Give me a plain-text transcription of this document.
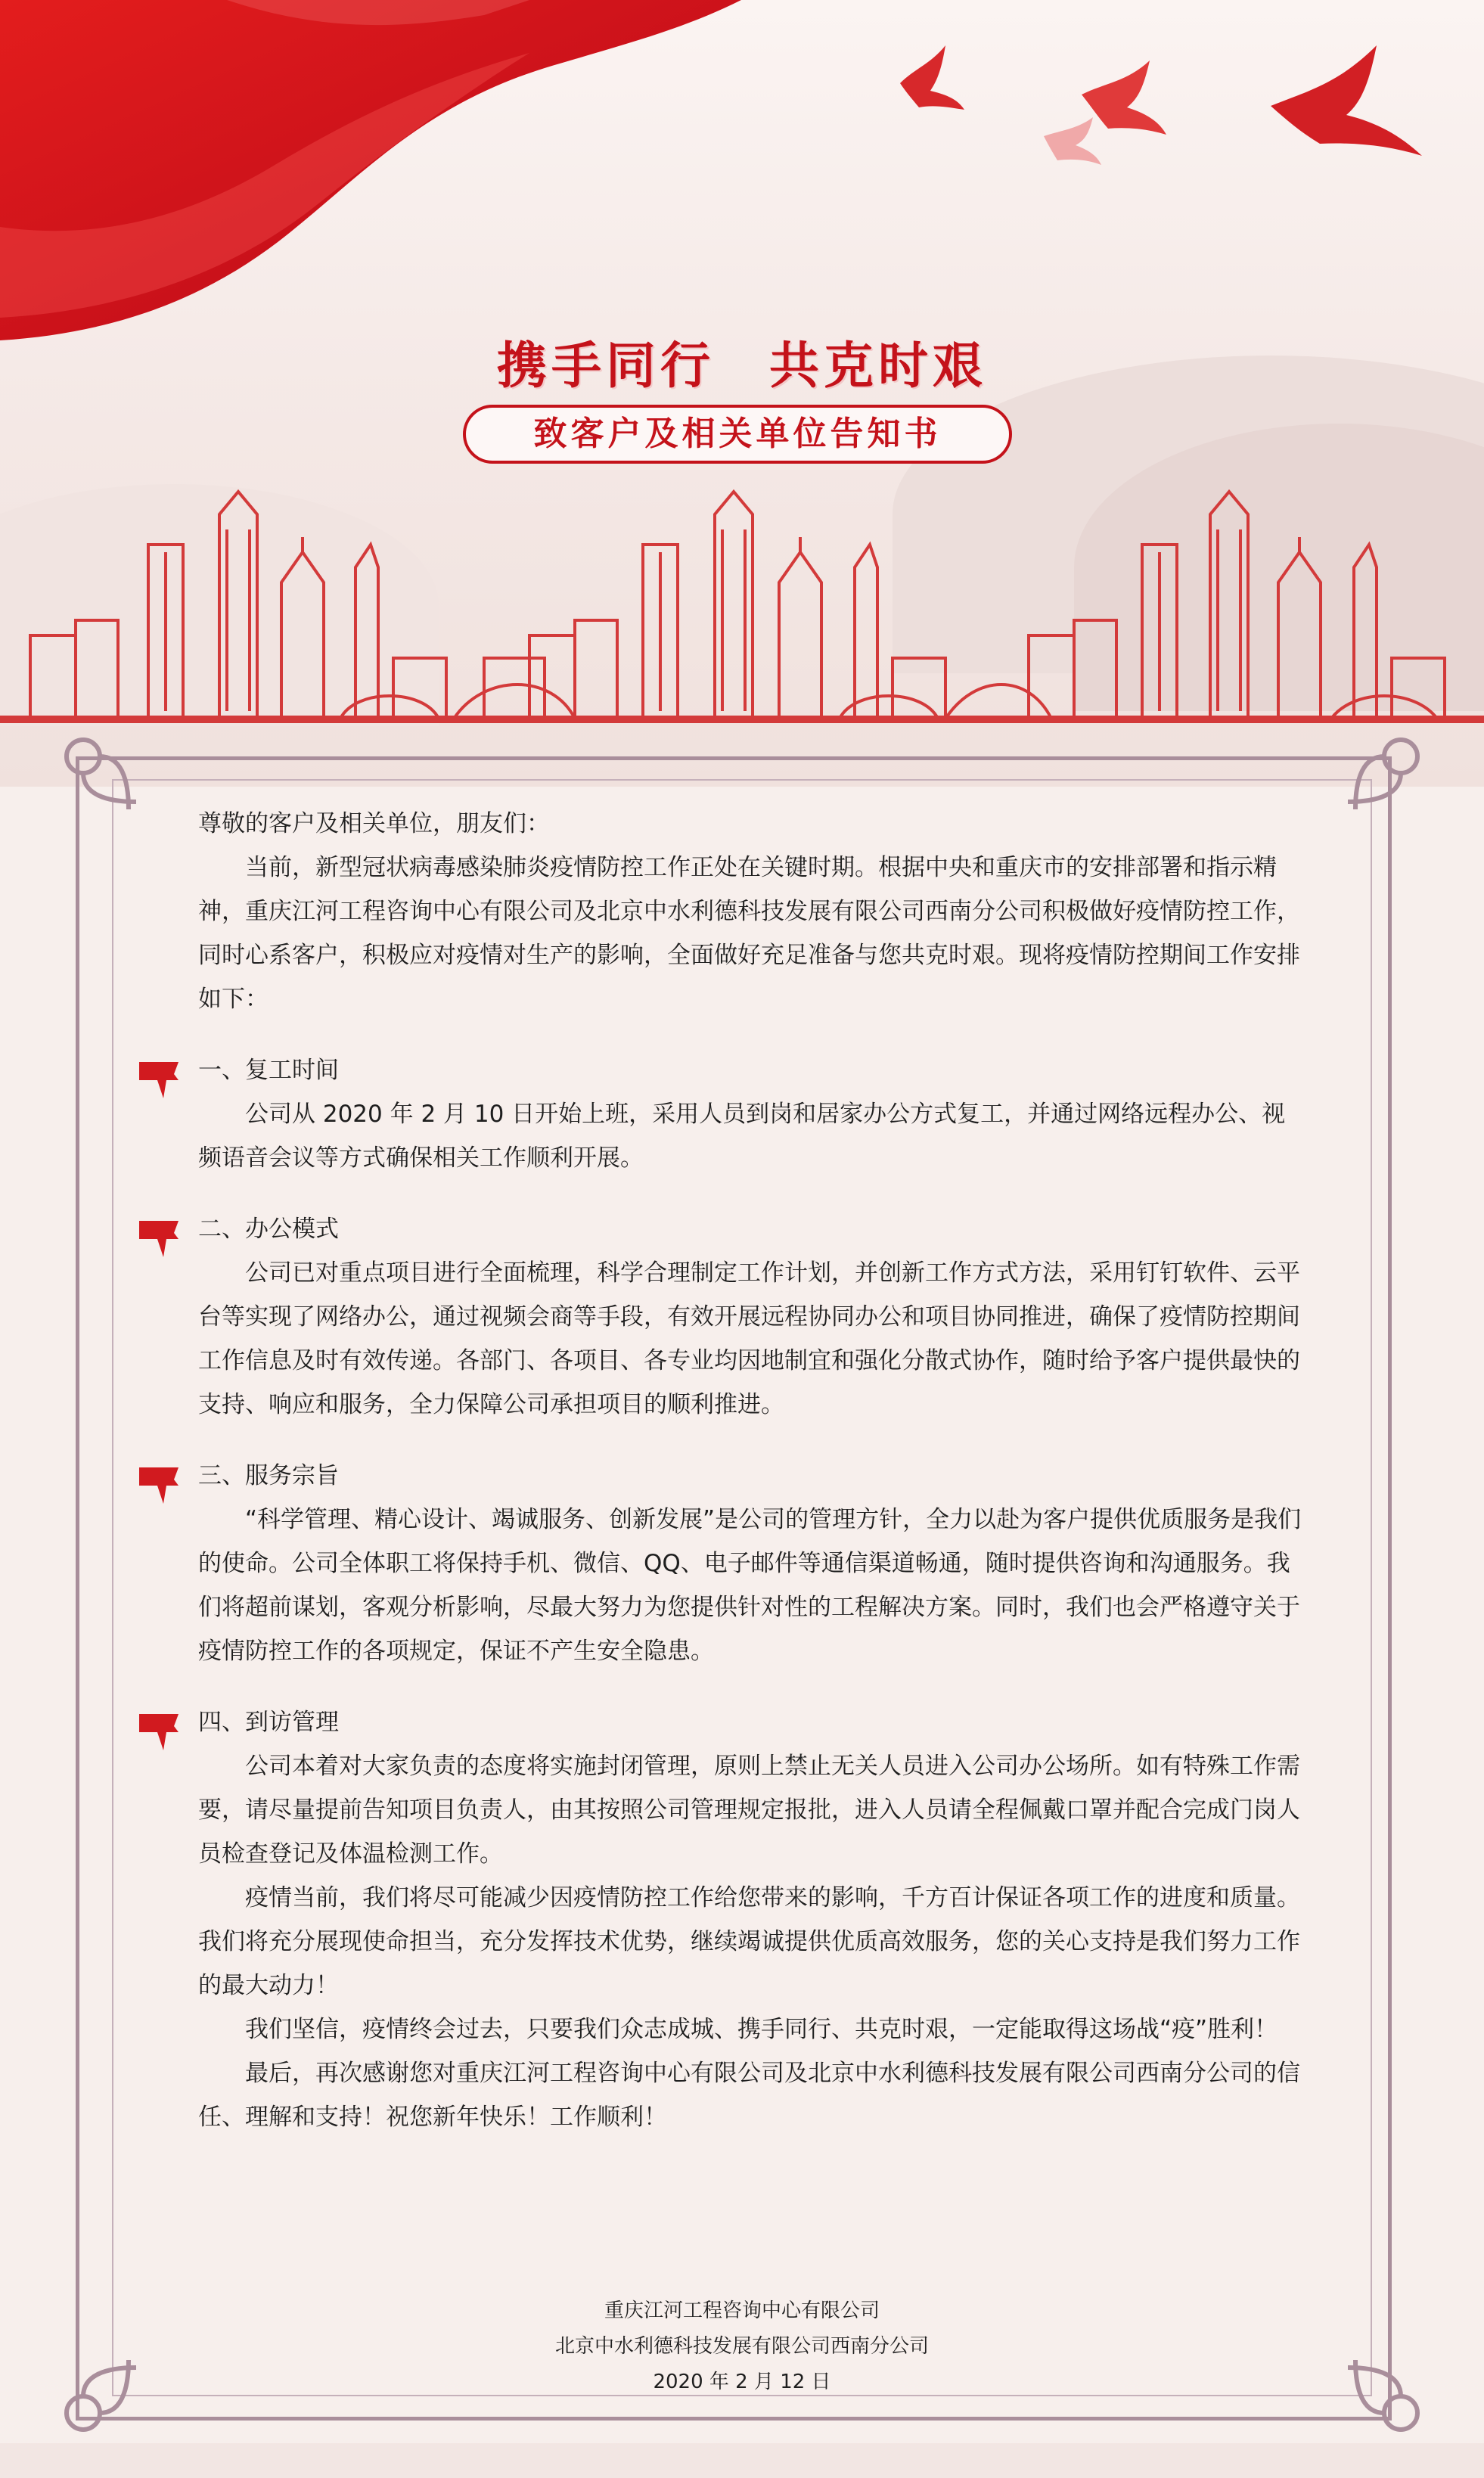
携手同行　共克时艰
致客户及相关单位告知书

尊敬的客户及相关单位，朋友们：

当前，新型冠状病毒感染肺炎疫情防控工作正处在关键时期。根据中央和重庆市的安排部署和指示精神，重庆江河工程咨询中心有限公司及北京中水利德科技发展有限公司西南分公司积极做好疫情防控工作，同时心系客户，积极应对疫情对生产的影响，全面做好充足准备与您共克时艰。现将疫情防控期间工作安排如下：

一、复工时间

公司从 2020 年 2 月 10 日开始上班，采用人员到岗和居家办公方式复工，并通过网络远程办公、视频语音会议等方式确保相关工作顺利开展。

二、办公模式

公司已对重点项目进行全面梳理，科学合理制定工作计划，并创新工作方式方法，采用钉钉软件、云平台等实现了网络办公，通过视频会商等手段，有效开展远程协同办公和项目协同推进，确保了疫情防控期间工作信息及时有效传递。各部门、各项目、各专业均因地制宜和强化分散式协作，随时给予客户提供最快的支持、响应和服务，全力保障公司承担项目的顺利推进。

三、服务宗旨

“科学管理、精心设计、竭诚服务、创新发展”是公司的管理方针，全力以赴为客户提供优质服务是我们的使命。公司全体职工将保持手机、微信、QQ、电子邮件等通信渠道畅通，随时提供咨询和沟通服务。我们将超前谋划，客观分析影响，尽最大努力为您提供针对性的工程解决方案。同时，我们也会严格遵守关于疫情防控工作的各项规定，保证不产生安全隐患。

四、到访管理

公司本着对大家负责的态度将实施封闭管理，原则上禁止无关人员进入公司办公场所。如有特殊工作需要，请尽量提前告知项目负责人，由其按照公司管理规定报批，进入人员请全程佩戴口罩并配合完成门岗人员检查登记及体温检测工作。

疫情当前，我们将尽可能减少因疫情防控工作给您带来的影响，千方百计保证各项工作的进度和质量。我们将充分展现使命担当，充分发挥技术优势，继续竭诚提供优质高效服务，您的关心支持是我们努力工作的最大动力！

我们坚信，疫情终会过去，只要我们众志成城、携手同行、共克时艰，一定能取得这场战“疫”胜利！

最后，再次感谢您对重庆江河工程咨询中心有限公司及北京中水利德科技发展有限公司西南分公司的信任、理解和支持！祝您新年快乐！工作顺利！

重庆江河工程咨询中心有限公司
北京中水利德科技发展有限公司西南分公司
2020 年 2 月 12 日
